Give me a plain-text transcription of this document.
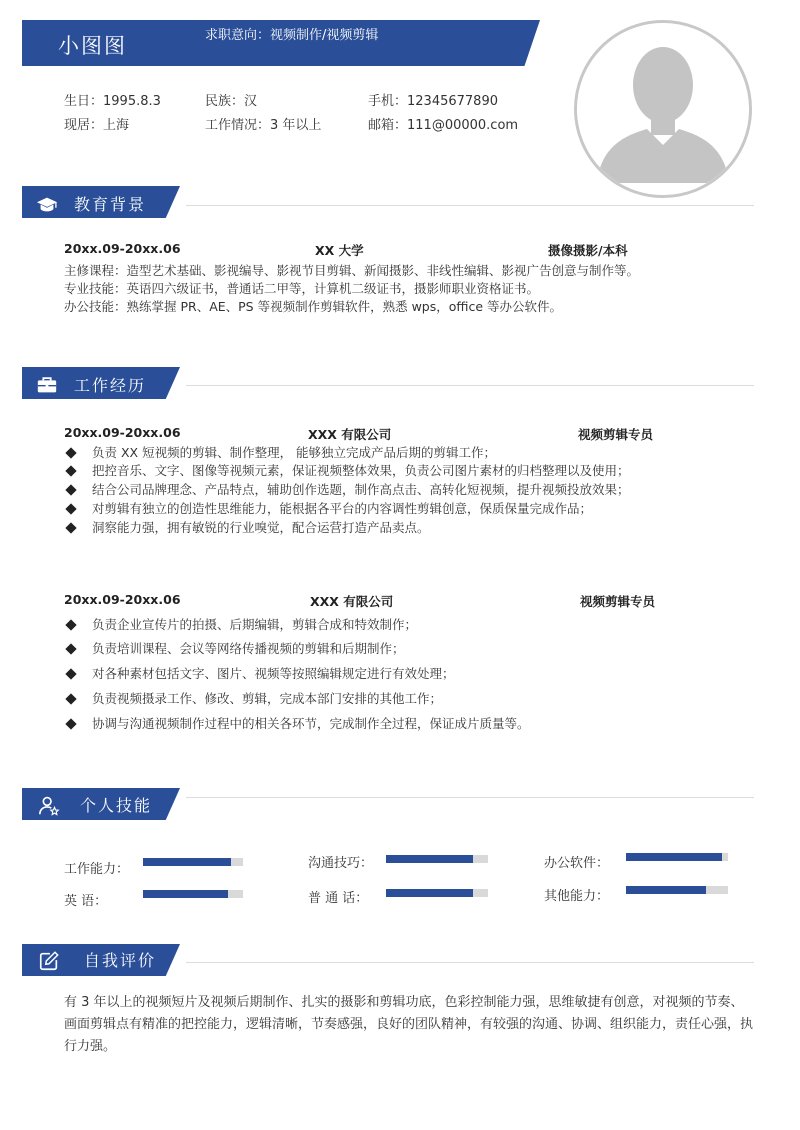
小图图	求职意向：视频制作/视频剪辑
生日：1995.8.3	民族：汉	手机：12345677890
现居：上海	工作情况：3 年以上	邮箱：111@00000.com
教育背景
20xx.09-20xx.06	XX 大学	摄像摄影/本科
主修课程：造型艺术基础、影视编导、影视节目剪辑、新闻摄影、非线性编辑、影视广告创意与制作等。
专业技能：英语四六级证书，普通话二甲等，计算机二级证书，摄影师职业资格证书。
办公技能：熟练掌握 PR、AE、PS 等视频制作剪辑软件，熟悉 wps，office 等办公软件。
工作经历
20xx.09-20xx.06	XXX 有限公司	视频剪辑专员
负责 XX 短视频的剪辑、制作整理， 能够独立完成产品后期的剪辑工作；
把控音乐、文字、图像等视频元素，保证视频整体效果，负责公司图片素材的归档整理以及使用；
结合公司品牌理念、产品特点，辅助创作选题，制作高点击、高转化短视频，提升视频投放效果；
对剪辑有独立的创造性思维能力，能根据各平台的内容调性剪辑创意，保质保量完成作品；
洞察能力强，拥有敏锐的行业嗅觉，配合运营打造产品卖点。
20xx.09-20xx.06	XXX 有限公司	视频剪辑专员
负责企业宣传片的拍摄、后期编辑，剪辑合成和特效制作；
负责培训课程、会议等网络传播视频的剪辑和后期制作；
对各种素材包括文字、图片、视频等按照编辑规定进行有效处理；
负责视频摄录工作、修改、剪辑，完成本部门安排的其他工作；
协调与沟通视频制作过程中的相关各环节，完成制作全过程，保证成片质量等。
个人技能
工作能力：	沟通技巧：	办公软件：
英 语：	普 通 话：	其他能力：
自我评价
有 3 年以上的视频短片及视频后期制作、扎实的摄影和剪辑功底，色彩控制能力强，思维敏捷有创意，对视频的节奏、画面剪辑点有精准的把控能力，逻辑清晰，节奏感强，良好的团队精神，有较强的沟通、协调、组织能力，责任心强，执行力强。
